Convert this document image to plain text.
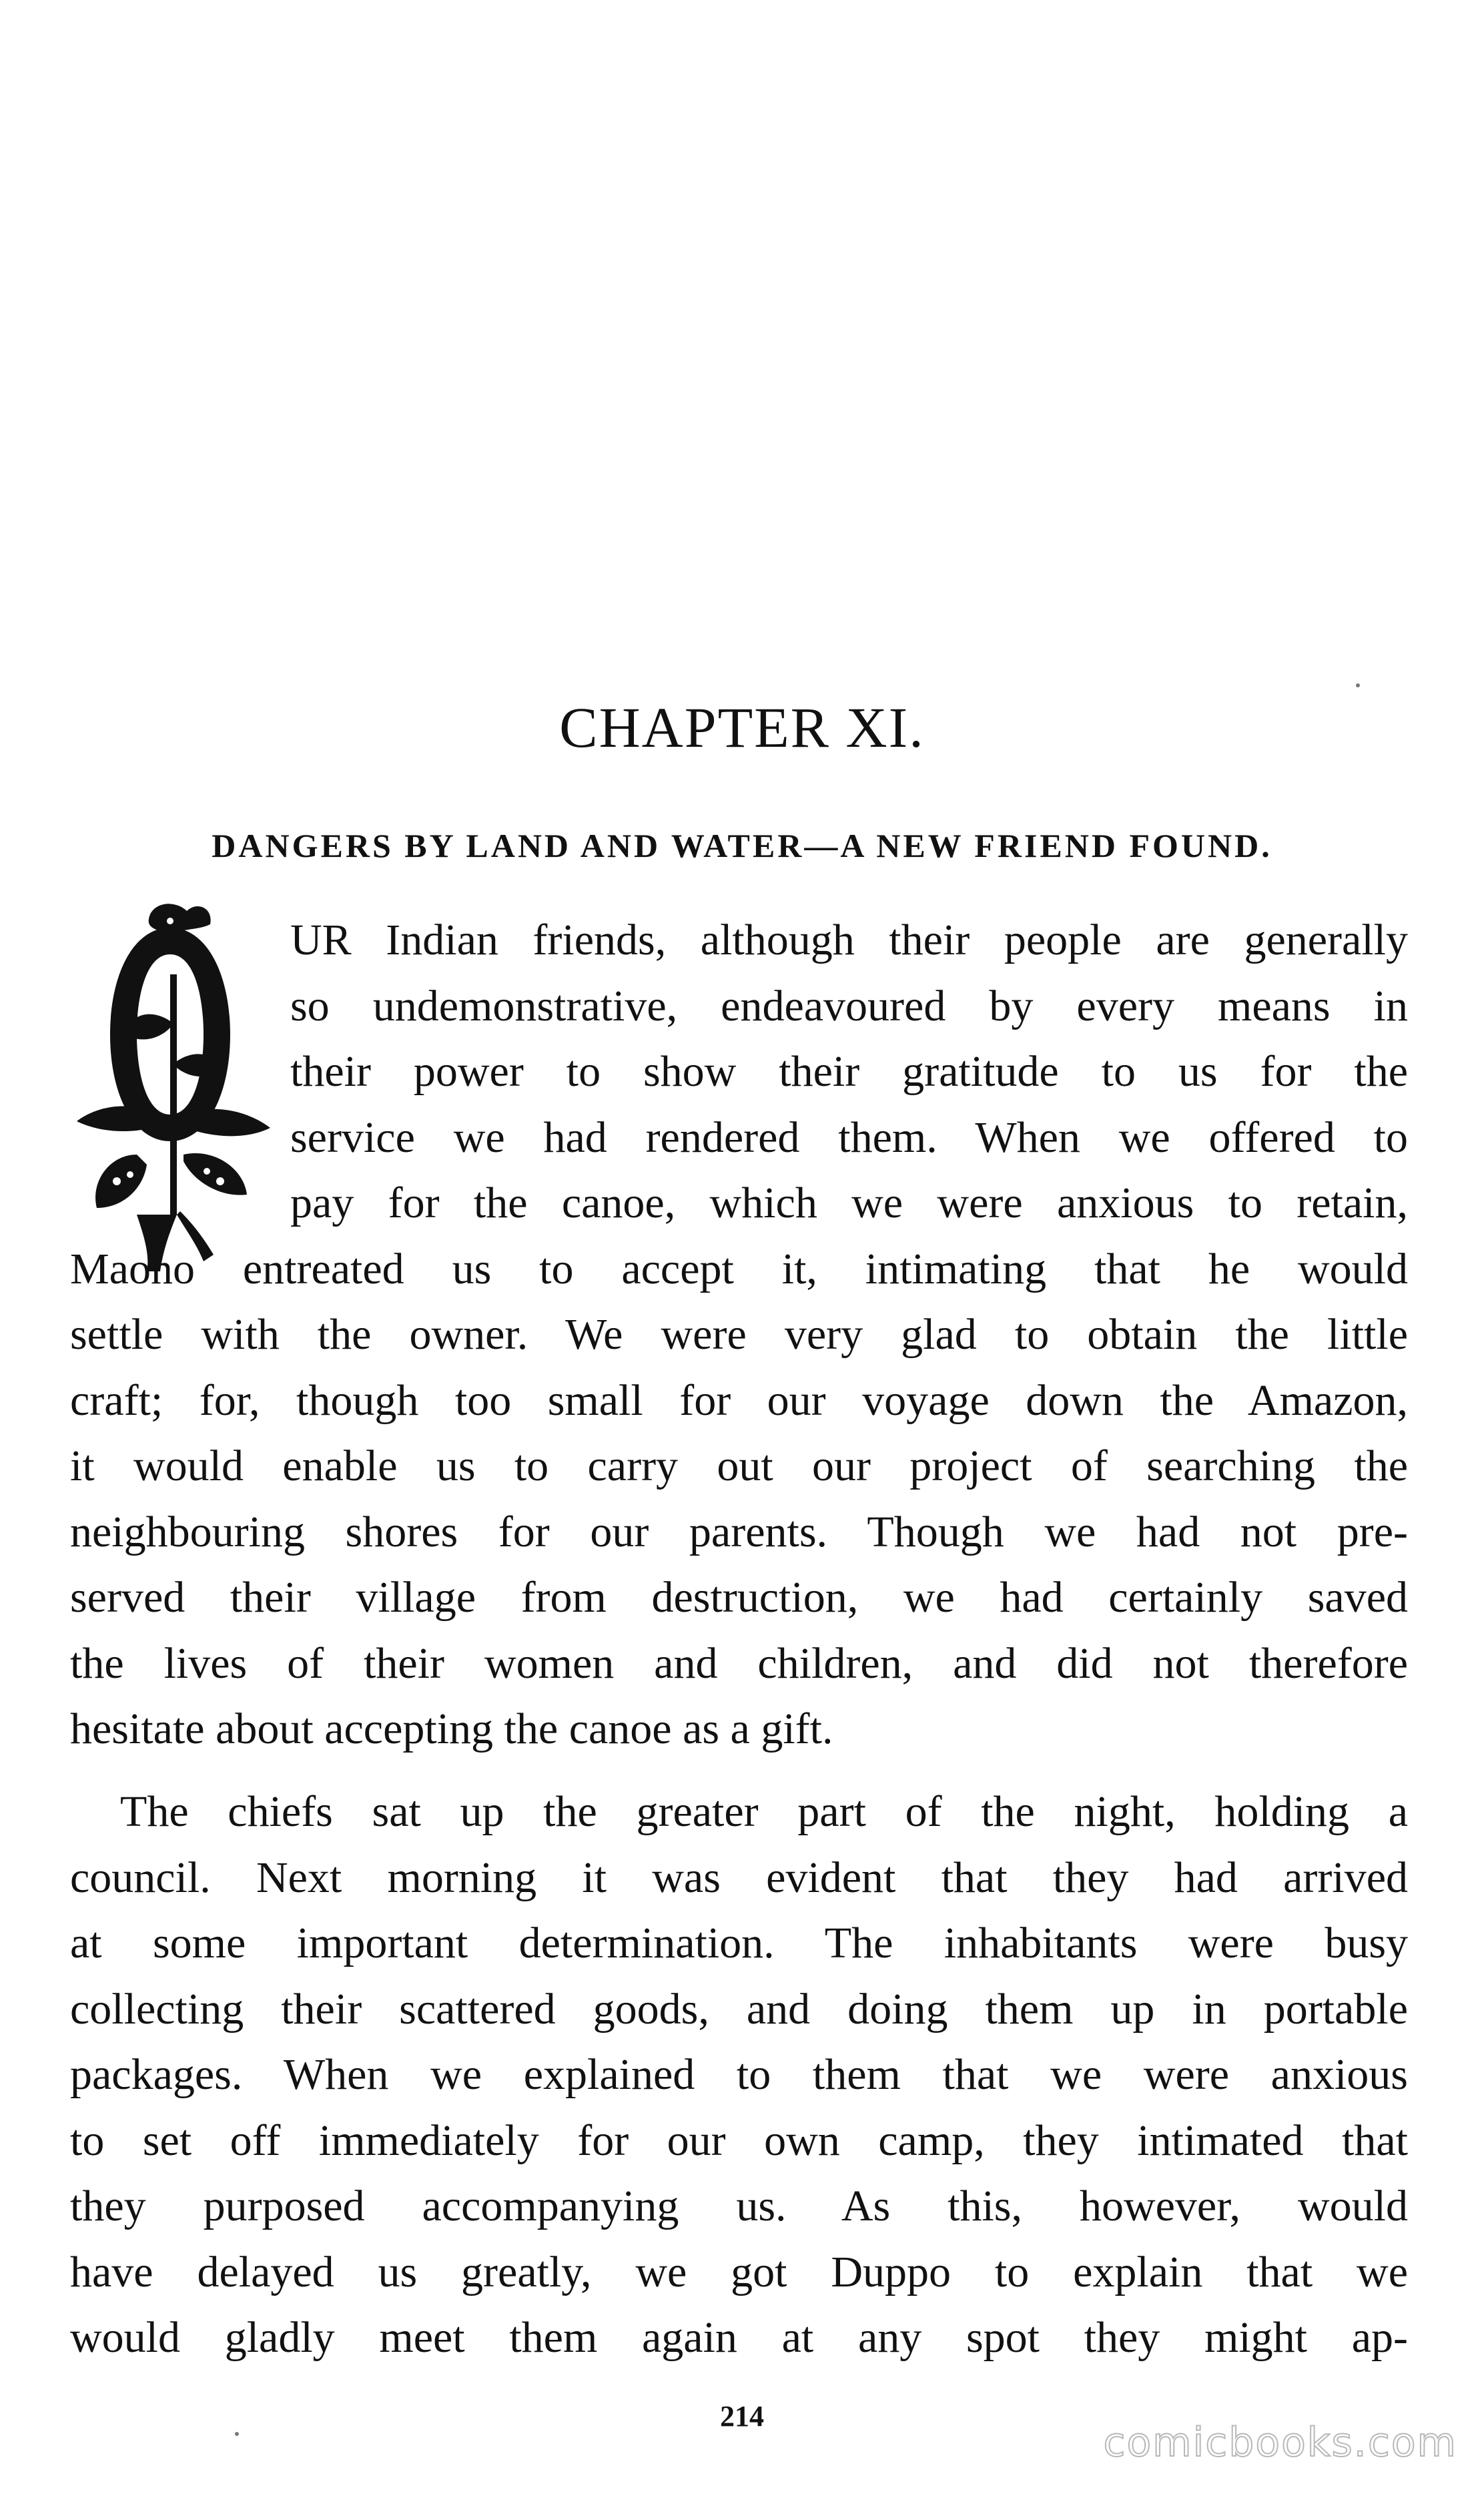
CHAPTER XI.
DANGERS BY LAND AND WATER—A NEW FRIEND FOUND.
UR Indian friends, although their people are generally
so undemonstrative, endeavoured by every means in
their power to show their gratitude to us for the
service we had rendered them. When we offered to
pay for the canoe, which we were anxious to retain,
Maono entreated us to accept it, intimating that he would
settle with the owner. We were very glad to obtain the little
craft; for, though too small for our voyage down the Amazon,
it would enable us to carry out our project of searching the
neighbouring shores for our parents. Though we had not pre-
served their village from destruction, we had certainly saved
the lives of their women and children, and did not therefore
hesitate about accepting the canoe as a gift.
The chiefs sat up the greater part of the night, holding a
council. Next morning it was evident that they had arrived
at some important determination. The inhabitants were busy
collecting their scattered goods, and doing them up in portable
packages. When we explained to them that we were anxious
to set off immediately for our own camp, they intimated that
they purposed accompanying us. As this, however, would
have delayed us greatly, we got Duppo to explain that we
would gladly meet them again at any spot they might ap-
214
comicbooks.com
